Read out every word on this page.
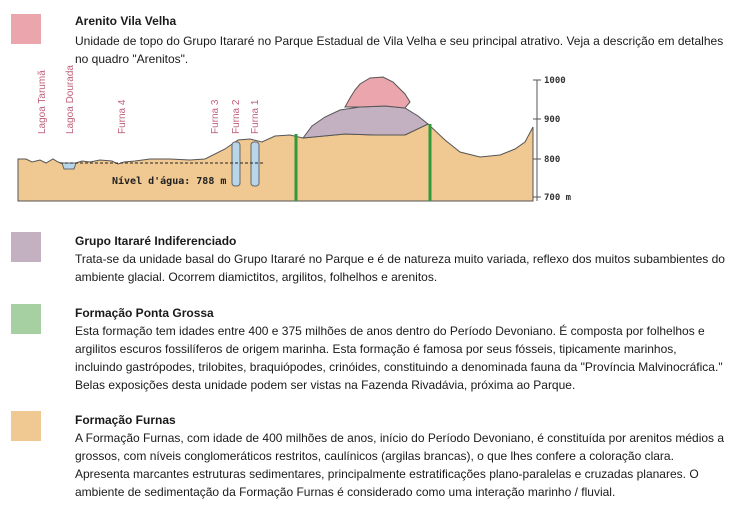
Arenito Vila Velha
Unidade de topo do Grupo Itararé no Parque Estadual de Vila Velha e seu principal atrativo. Veja a descrição em detalhes no quadro "Arenitos".
Nível d'água: 788 m
Lagoa Tarumã Lagoa Dourada	Furna 4	Furna 3 Furna 2 Furna 1
1000
900
800
700 m
Grupo Itararé Indiferenciado
Trata-se da unidade basal do Grupo Itararé no Parque e é de natureza muito variada, reflexo dos muitos subambientes do ambiente glacial. Ocorrem diamictitos, argilitos, folhelhos e arenitos.
Formação Ponta Grossa
Esta formação tem idades entre 400 e 375 milhões de anos dentro do Período Devoniano. É composta por folhelhos e argilitos escuros fossilíferos de origem marinha. Esta formação é famosa por seus fósseis, tipicamente marinhos, incluindo gastrópodes, trilobites, braquiópodes, crinóides, constituindo a denominada fauna da "Província Malvinocráfica." Belas exposições desta unidade podem ser vistas na Fazenda Rivadávia, próxima ao Parque.
Formação Furnas
A Formação Furnas, com idade de 400 milhões de anos, início do Período Devoniano, é constituída por arenitos médios a grossos, com níveis conglomeráticos restritos, caulínicos (argilas brancas), o que lhes confere a coloração clara. Apresenta marcantes estruturas sedimentares, principalmente estratificações plano-paralelas e cruzadas planares. O ambiente de sedimentação da Formação Furnas é considerado como uma interação marinho / fluvial.
